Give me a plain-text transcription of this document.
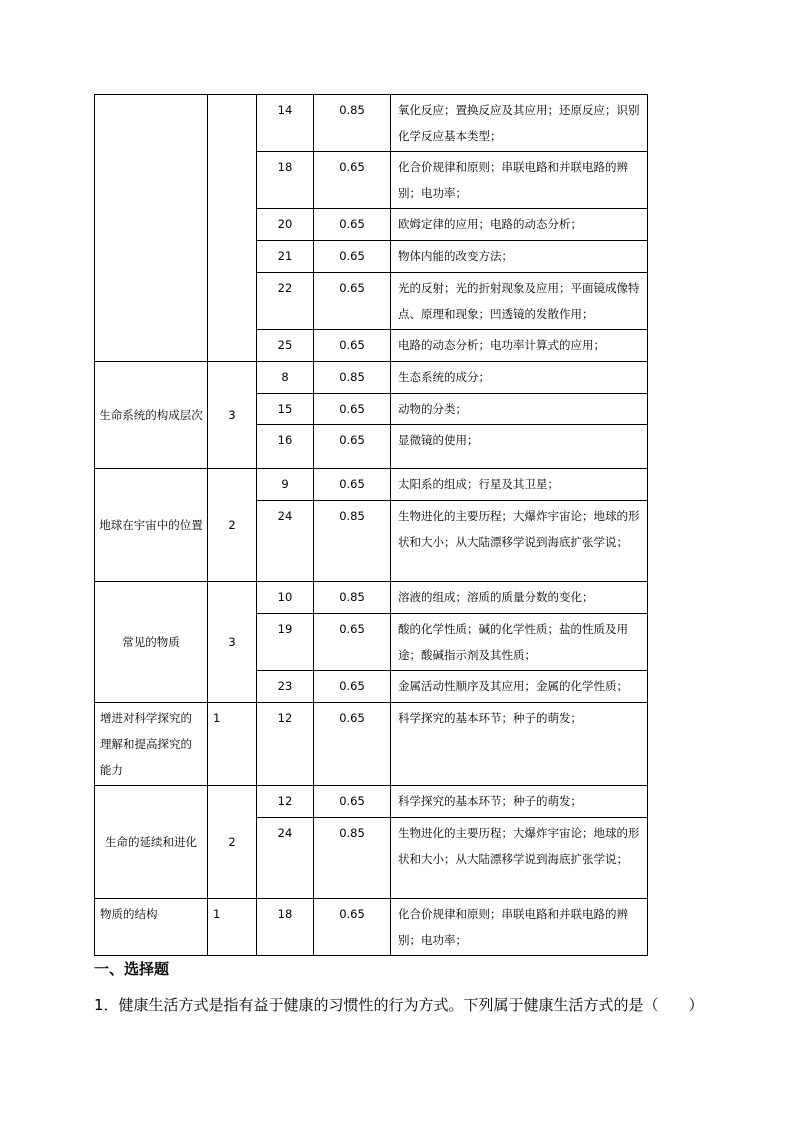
		14	0.85	氧化反应；置换反应及其应用；还原反应；识别化学反应基本类型；
		18	0.65	化合价规律和原则；串联电路和并联电路的辨别；电功率；
		20	0.65	欧姆定律的应用；电路的动态分析；
		21	0.65	物体内能的改变方法；
		22	0.65	光的反射；光的折射现象及应用；平面镜成像特点、原理和现象；凹透镜的发散作用；
		25	0.65	电路的动态分析；电功率计算式的应用；
生命系统的构成层次	3	8	0.85	生态系统的成分；
		15	0.65	动物的分类；
		16	0.65	显微镜的使用；
地球在宇宙中的位置	2	9	0.65	太阳系的组成；行星及其卫星；
		24	0.85	生物进化的主要历程；大爆炸宇宙论；地球的形状和大小；从大陆漂移学说到海底扩张学说；
常见的物质	3	10	0.85	溶液的组成；溶质的质量分数的变化；
		19	0.65	酸的化学性质；碱的化学性质；盐的性质及用途；酸碱指示剂及其性质；
		23	0.65	金属活动性顺序及其应用；金属的化学性质；
增进对科学探究的理解和提高探究的能力	1	12	0.65	科学探究的基本环节；种子的萌发；
生命的延续和进化	2	12	0.65	科学探究的基本环节；种子的萌发；
		24	0.85	生物进化的主要历程；大爆炸宇宙论；地球的形状和大小；从大陆漂移学说到海底扩张学说；
物质的结构	1	18	0.65	化合价规律和原则；串联电路和并联电路的辨别；电功率；
一、选择题
1．健康生活方式是指有益于健康的习惯性的行为方式。下列属于健康生活方式的是（　　）
